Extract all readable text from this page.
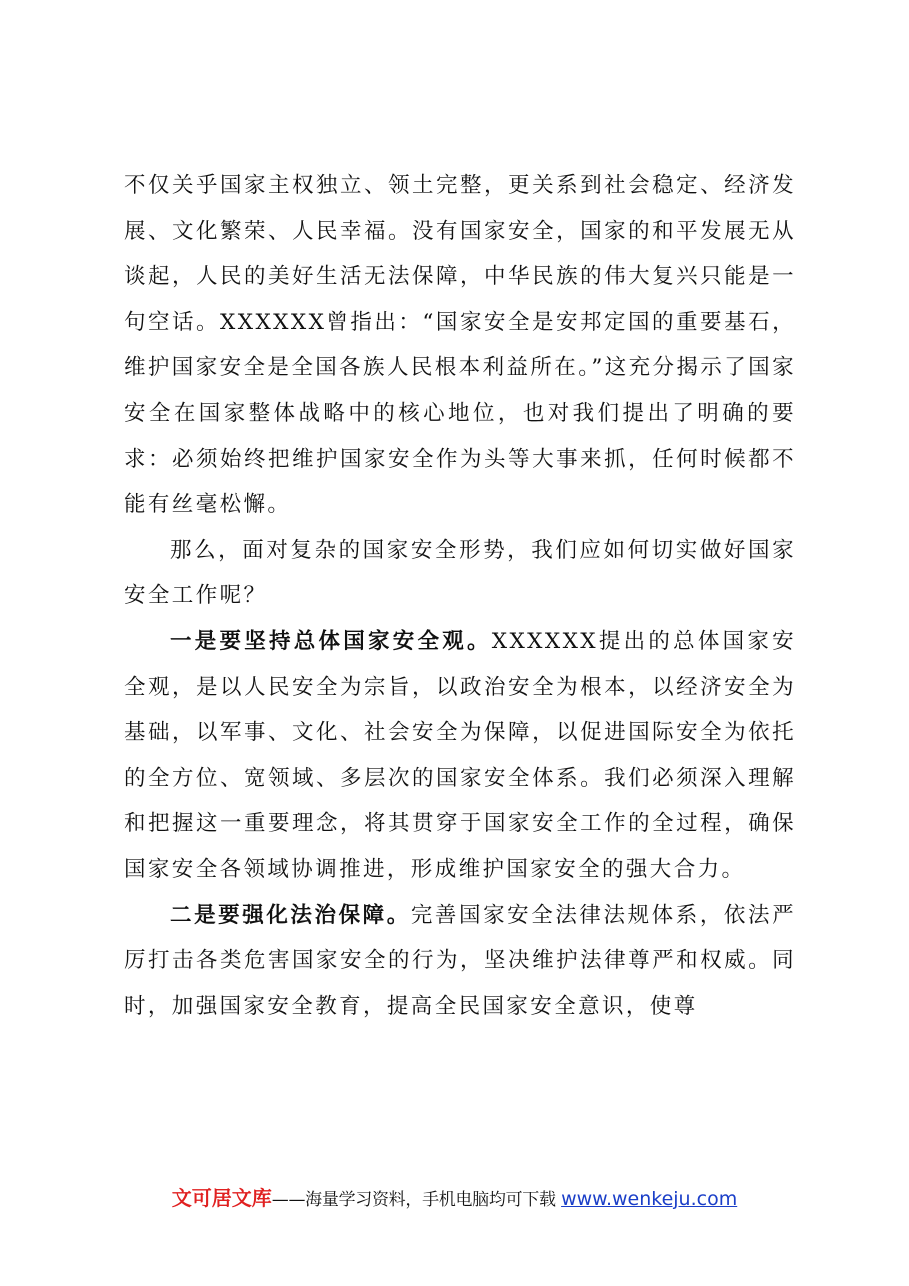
不仅关乎国家主权独立、领土完整，更关系到社会稳定、经济发展、文化繁荣、人民幸福。没有国家安全，国家的和平发展无从谈起，人民的美好生活无法保障，中华民族的伟大复兴只能是一句空话。XXXXXX曾指出：“国家安全是安邦定国的重要基石，维护国家安全是全国各族人民根本利益所在。”这充分揭示了国家安全在国家整体战略中的核心地位，也对我们提出了明确的要求：必须始终把维护国家安全作为头等大事来抓，任何时候都不能有丝毫松懈。

那么，面对复杂的国家安全形势，我们应如何切实做好国家安全工作呢？

一是要坚持总体国家安全观。XXXXXX提出的总体国家安全观，是以人民安全为宗旨，以政治安全为根本，以经济安全为基础，以军事、文化、社会安全为保障，以促进国际安全为依托的全方位、宽领域、多层次的国家安全体系。我们必须深入理解和把握这一重要理念，将其贯穿于国家安全工作的全过程，确保国家安全各领域协调推进，形成维护国家安全的强大合力。

二是要强化法治保障。完善国家安全法律法规体系，依法严厉打击各类危害国家安全的行为，坚决维护法律尊严和权威。同时，加强国家安全教育，提高全民国家安全意识，使尊

文可居文库——海量学习资料，手机电脑均可下载 www.wenkeju.com
